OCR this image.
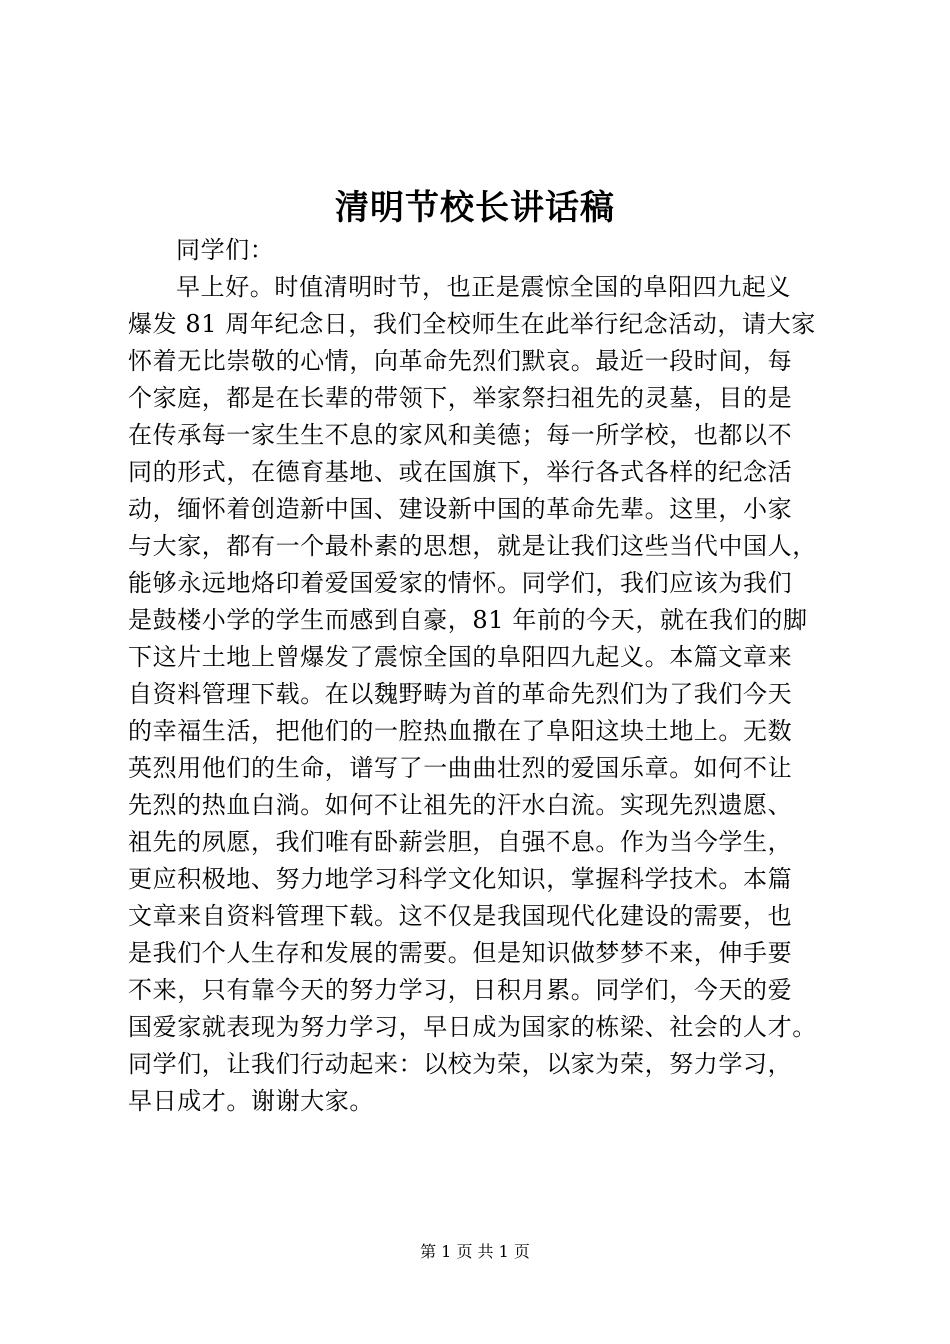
清明节校长讲话稿
同学们：
早上好。时值清明时节，也正是震惊全国的阜阳四九起义
爆发 81 周年纪念日，我们全校师生在此举行纪念活动，请大家
怀着无比崇敬的心情，向革命先烈们默哀。最近一段时间，每
个家庭，都是在长辈的带领下，举家祭扫祖先的灵墓，目的是
在传承每一家生生不息的家风和美德；每一所学校，也都以不
同的形式，在德育基地、或在国旗下，举行各式各样的纪念活
动，缅怀着创造新中国、建设新中国的革命先辈。这里，小家
与大家，都有一个最朴素的思想，就是让我们这些当代中国人，
能够永远地烙印着爱国爱家的情怀。同学们，我们应该为我们
是鼓楼小学的学生而感到自豪，81 年前的今天，就在我们的脚
下这片土地上曾爆发了震惊全国的阜阳四九起义。本篇文章来
自资料管理下载。在以魏野畴为首的革命先烈们为了我们今天
的幸福生活，把他们的一腔热血撒在了阜阳这块土地上。无数
英烈用他们的生命，谱写了一曲曲壮烈的爱国乐章。如何不让
先烈的热血白淌。如何不让祖先的汗水白流。实现先烈遗愿、
祖先的夙愿，我们唯有卧薪尝胆，自强不息。作为当今学生，
更应积极地、努力地学习科学文化知识，掌握科学技术。本篇
文章来自资料管理下载。这不仅是我国现代化建设的需要，也
是我们个人生存和发展的需要。但是知识做梦梦不来，伸手要
不来，只有靠今天的努力学习，日积月累。同学们，今天的爱
国爱家就表现为努力学习，早日成为国家的栋梁、社会的人才。
同学们，让我们行动起来：以校为荣，以家为荣，努力学习，
早日成才。谢谢大家。
第 1 页 共 1 页
